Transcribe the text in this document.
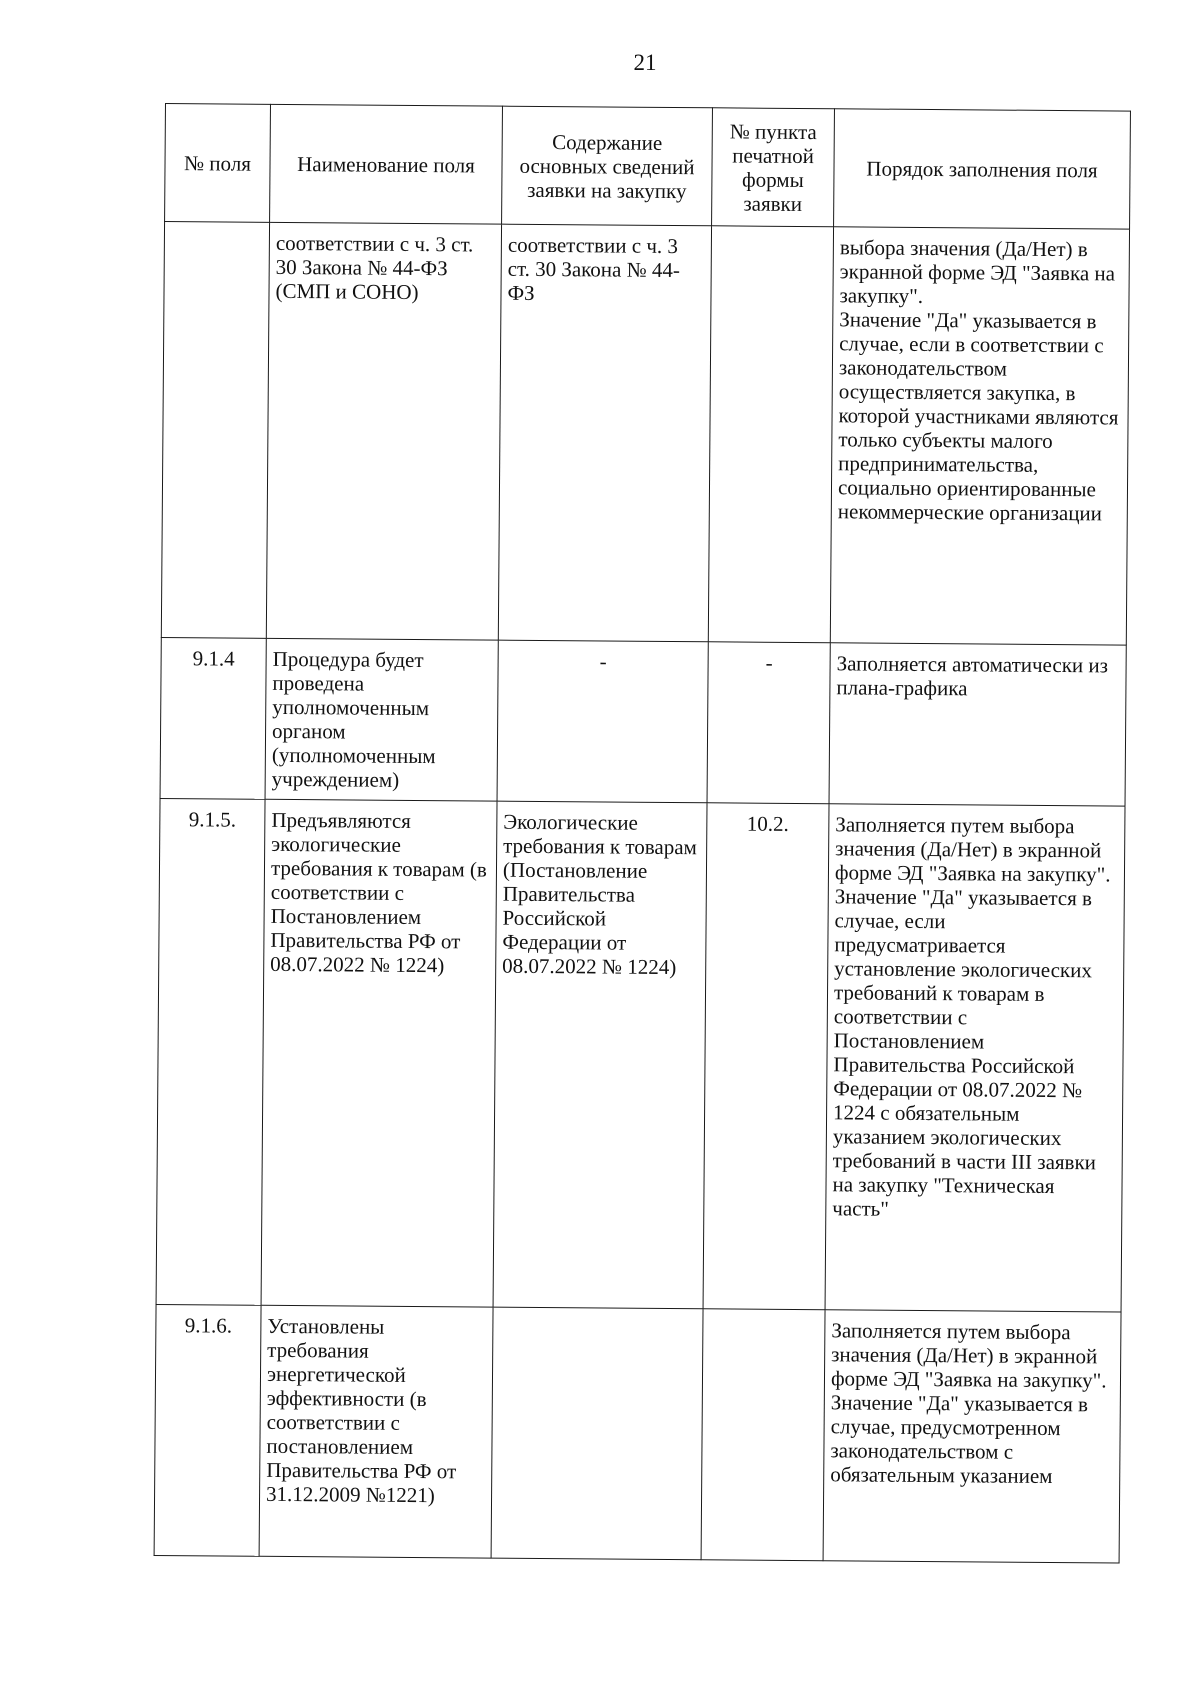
21
№ поля	Наименование поля	Содержание основных сведений заявки на закупку	№ пункта печатной формы заявки	Порядок заполнения поля
	соответствии с ч. 3 ст. 30 Закона № 44-ФЗ (СМП и СОНО)	соответствии с ч. 3 ст. 30 Закона № 44-ФЗ		выбора значения (Да/Нет) в экранной форме ЭД "Заявка на закупку".
Значение "Да" указывается в случае, если в соответствии с законодательством осуществляется закупка, в которой участниками являются только субъекты малого предпринимательства, социально ориентированные некоммерческие организации

9.1.4	Процедура будет проведена уполномоченным органом (уполномоченным учреждением)	-	-	Заполняется автоматически из плана-графика

9.1.5.	Предъявляются экологические требования к товарам (в соответствии с Постановлением Правительства РФ от 08.07.2022 № 1224)	Экологические требования к товарам (Постановление Правительства Российской Федерации от 08.07.2022 № 1224)	10.2.	Заполняется путем выбора значения (Да/Нет) в экранной форме ЭД "Заявка на закупку".
Значение "Да" указывается в случае, если предусматривается установление экологических требований к товарам в соответствии с Постановлением Правительства Российской Федерации от 08.07.2022 № 1224 с обязательным указанием экологических требований в части III заявки на закупку "Техническая часть"

9.1.6.	Установлены требования энергетической эффективности (в соответствии с постановлением Правительства РФ от 31.12.2009 №1221)			Заполняется путем выбора значения (Да/Нет) в экранной форме ЭД "Заявка на закупку".
Значение "Да" указывается в случае, предусмотренном законодательством с обязательным указанием
